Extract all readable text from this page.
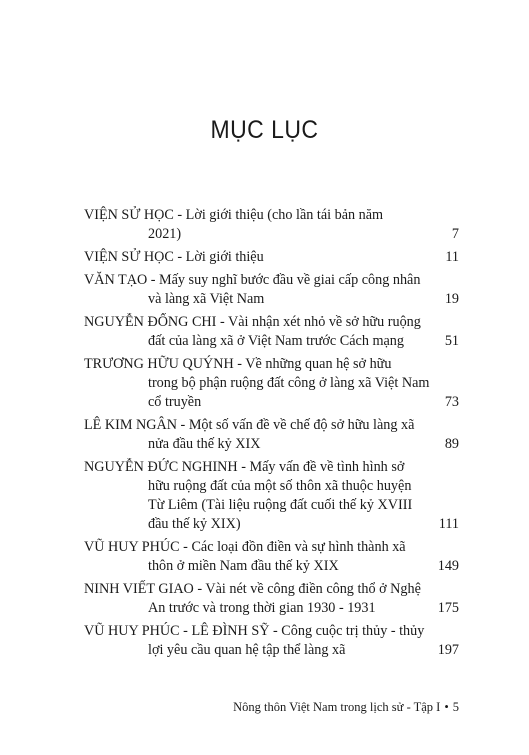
MỤC LỤC
VIỆN SỬ HỌC - Lời giới thiệu (cho lần tái bản năm
2021)	7
VIỆN SỬ HỌC - Lời giới thiệu	11
VĂN TẠO - Mấy suy nghĩ bước đầu về giai cấp công nhân
và làng xã Việt Nam	19
NGUYỄN ĐỔNG CHI - Vài nhận xét nhỏ về sở hữu ruộng
đất của làng xã ở Việt Nam trước Cách mạng	51
TRƯƠNG HỮU QUÝNH - Về những quan hệ sở hữu
trong bộ phận ruộng đất công ở làng xã Việt Nam
cổ truyền	73
LÊ KIM NGÂN - Một số vấn đề về chế độ sở hữu làng xã
nửa đầu thế kỷ XIX	89
NGUYỄN ĐỨC NGHINH - Mấy vấn đề về tình hình sở
hữu ruộng đất của một số thôn xã thuộc huyện
Từ Liêm (Tài liệu ruộng đất cuối thế kỷ XVIII
đầu thế kỷ XIX)	111
VŨ HUY PHÚC - Các loại đồn điền và sự hình thành xã
thôn ở miền Nam đầu thế kỷ XIX	149
NINH VIẾT GIAO - Vài nét về công điền công thổ ở Nghệ
An trước và trong thời gian 1930 - 1931	175
VŨ HUY PHÚC - LÊ ĐÌNH SỸ - Công cuộc trị thủy - thủy
lợi yêu cầu quan hệ tập thể làng xã	197
Nông thôn Việt Nam trong lịch sử - Tập I • 5
